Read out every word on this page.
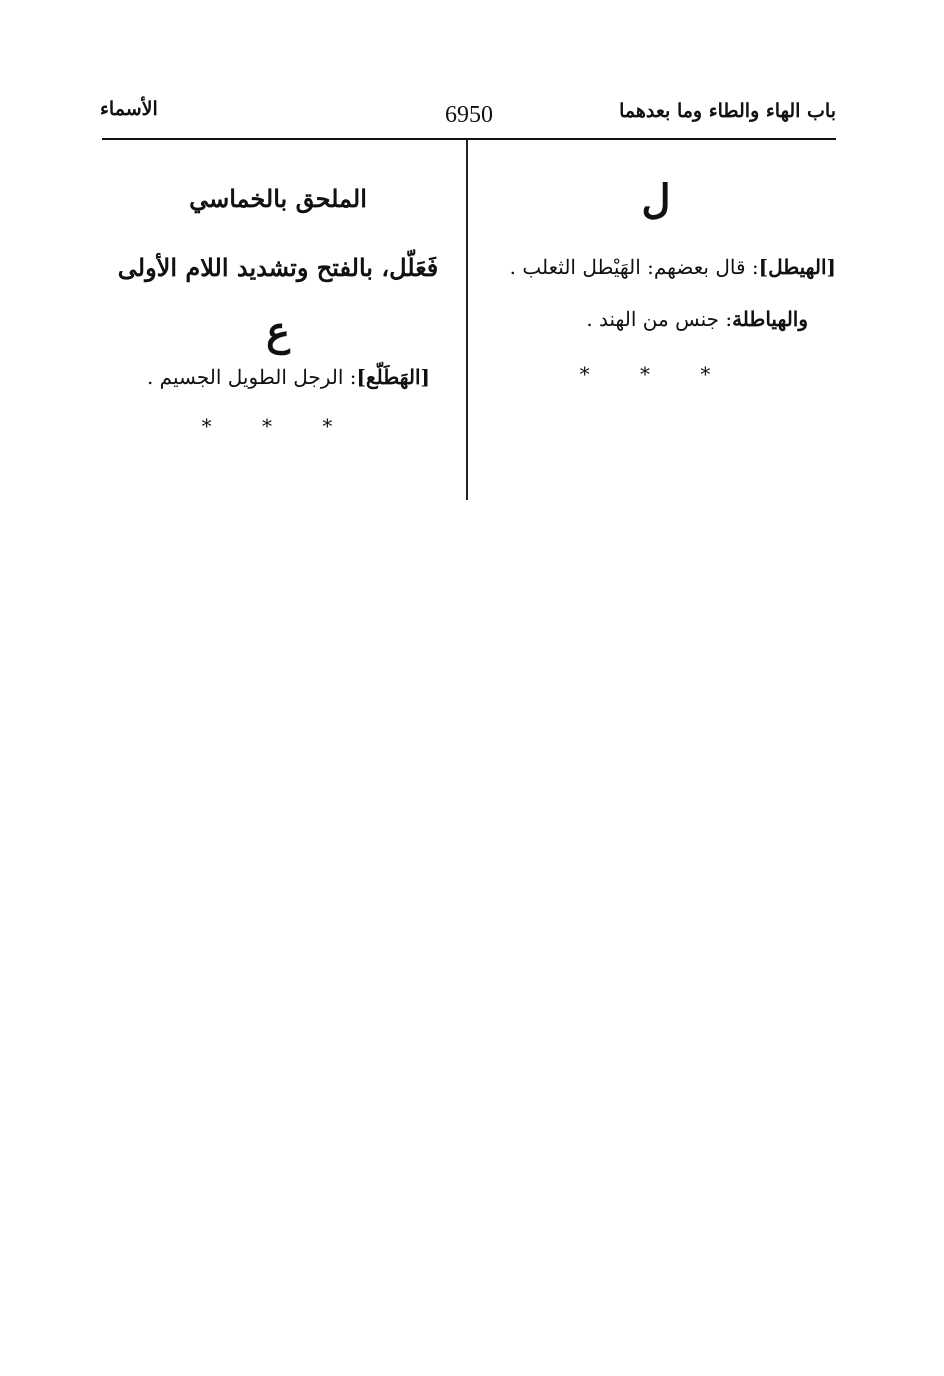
باب الهاء والطاء وما بعدهما
6950
الأسماء
ل
[الهيطل]: قال بعضهم: الهَيْطل الثعلب .
والهياطلة: جنس من الهند .
* * *
الملحق بالخماسي
فَعَلّل، بالفتح وتشديد اللام الأولى
ع
[الهَطَلّع]: الرجل الطويل الجسيم .
* * *
